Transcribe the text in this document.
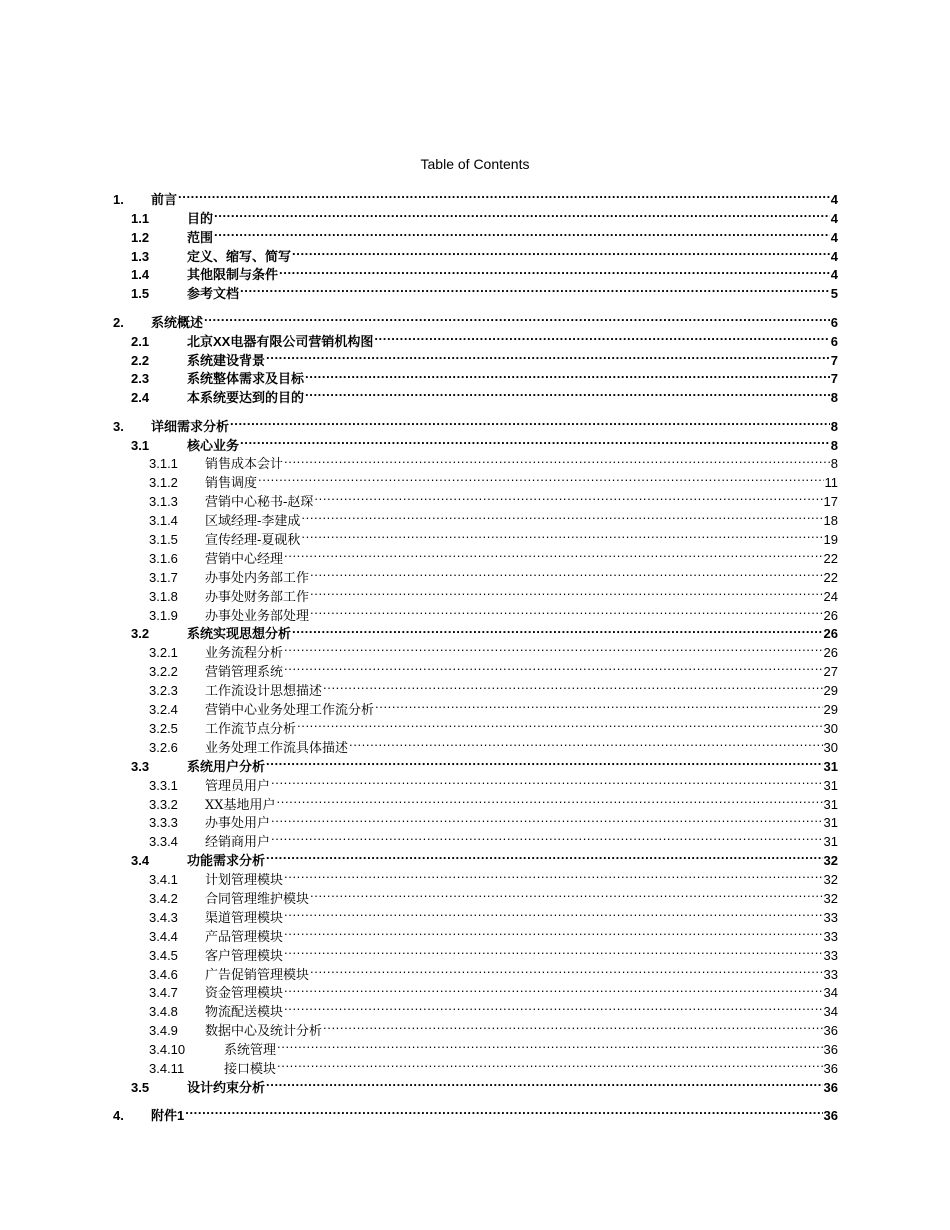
Table of Contents
1.	前言 .....	4
1.1	目的 .....	4
1.2	范围 .....	4
1.3	定义、缩写、简写 .....	4
1.4	其他限制与条件 .....	4
1.5	参考文档 .....	5
2.	系统概述 .....	6
2.1	北京XX电器有限公司营销机构图 .....	6
2.2	系统建设背景 .....	7
2.3	系统整体需求及目标 .....	7
2.4	本系统要达到的目的 .....	8
3.	详细需求分析 .....	8
3.1	核心业务 .....	8
3.1.1	销售成本会计 .....	8
3.1.2	销售调度 .....	11
3.1.3	营销中心秘书-赵琛 .....	17
3.1.4	区域经理-李建成 .....	18
3.1.5	宣传经理-夏砚秋 .....	19
3.1.6	营销中心经理 .....	22
3.1.7	办事处内务部工作 .....	22
3.1.8	办事处财务部工作 .....	24
3.1.9	办事处业务部处理 .....	26
3.2	系统实现思想分析 .....	26
3.2.1	业务流程分析 .....	26
3.2.2	营销管理系统 .....	27
3.2.3	工作流设计思想描述 .....	29
3.2.4	营销中心业务处理工作流分析 .....	29
3.2.5	工作流节点分析 .....	30
3.2.6	业务处理工作流具体描述 .....	30
3.3	系统用户分析 .....	31
3.3.1	管理员用户 .....	31
3.3.2	XX基地用户 .....	31
3.3.3	办事处用户 .....	31
3.3.4	经销商用户 .....	31
3.4	功能需求分析 .....	32
3.4.1	计划管理模块 .....	32
3.4.2	合同管理维护模块 .....	32
3.4.3	渠道管理模块 .....	33
3.4.4	产品管理模块 .....	33
3.4.5	客户管理模块 .....	33
3.4.6	广告促销管理模块 .....	33
3.4.7	资金管理模块 .....	34
3.4.8	物流配送模块 .....	34
3.4.9	数据中心及统计分析 .....	36
3.4.10	系统管理 .....	36
3.4.11	接口模块 .....	36
3.5	设计约束分析 .....	36
4.	附件1 .....	36
